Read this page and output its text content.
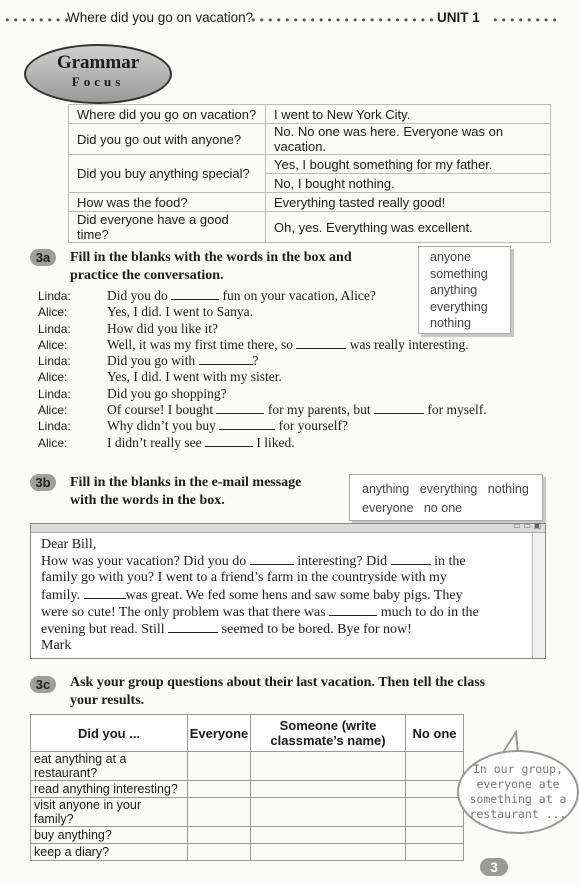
••••••••
Where did you go on vacation?
•••••••••••••••••••••• UNIT 1 ••••••••
Grammar
Focus
Where did you go on vacation?	I went to New York City.
Did you go out with anyone?	No. No one was here. Everyone was on vacation.
Did you buy anything special?	Yes, I bought something for my father.
	No, I bought nothing.
How was the food?	Everything tasted really good!
Did everyone have a good time?	Oh, yes. Everything was excellent.
3a	Fill in the blanks with the words in the box and
practice the conversation.
anyone
something
anything
everything
nothing
Linda:	Did you do	fun on your vacation, Alice?
Alice:	Yes, I did. I went to Sanya.
Linda:	How did you like it?
Alice:	Well, it was my first time there, so	was really interesting.
Linda:	Did you go with	?
Alice:	Yes, I did. I went with my sister.
Linda:	Did you go shopping?
Alice:	Of course! I bought	for my parents, but	for myself.
Linda:	Why didn’t you buy	for yourself?
Alice:	I didn’t really see	I liked.
3b	Fill in the blanks in the e-mail message
with the words in the box.
anything everything nothing
everyone no one
▭ ▭ ▣
Dear Bill,
How was your vacation? Did you do	interesting? Did	in the
family go with you? I went to a friend’s farm in the countryside with my
family.	was great. We fed some hens and saw some baby pigs. They
were so cute! The only problem was that there was	much to do in the
evening but read. Still	seemed to be bored. Bye for now!
Mark
3c	Ask your group questions about their last vacation. Then tell the class
your results.
Did you ...	Everyone	Someone (write classmate’s name)	No one
eat anything at a restaurant?			
read anything interesting?			
visit anyone in your family?			
buy anything?			
keep a diary?			
In our group,
everyone ate
something at a
restaurant ...
3
